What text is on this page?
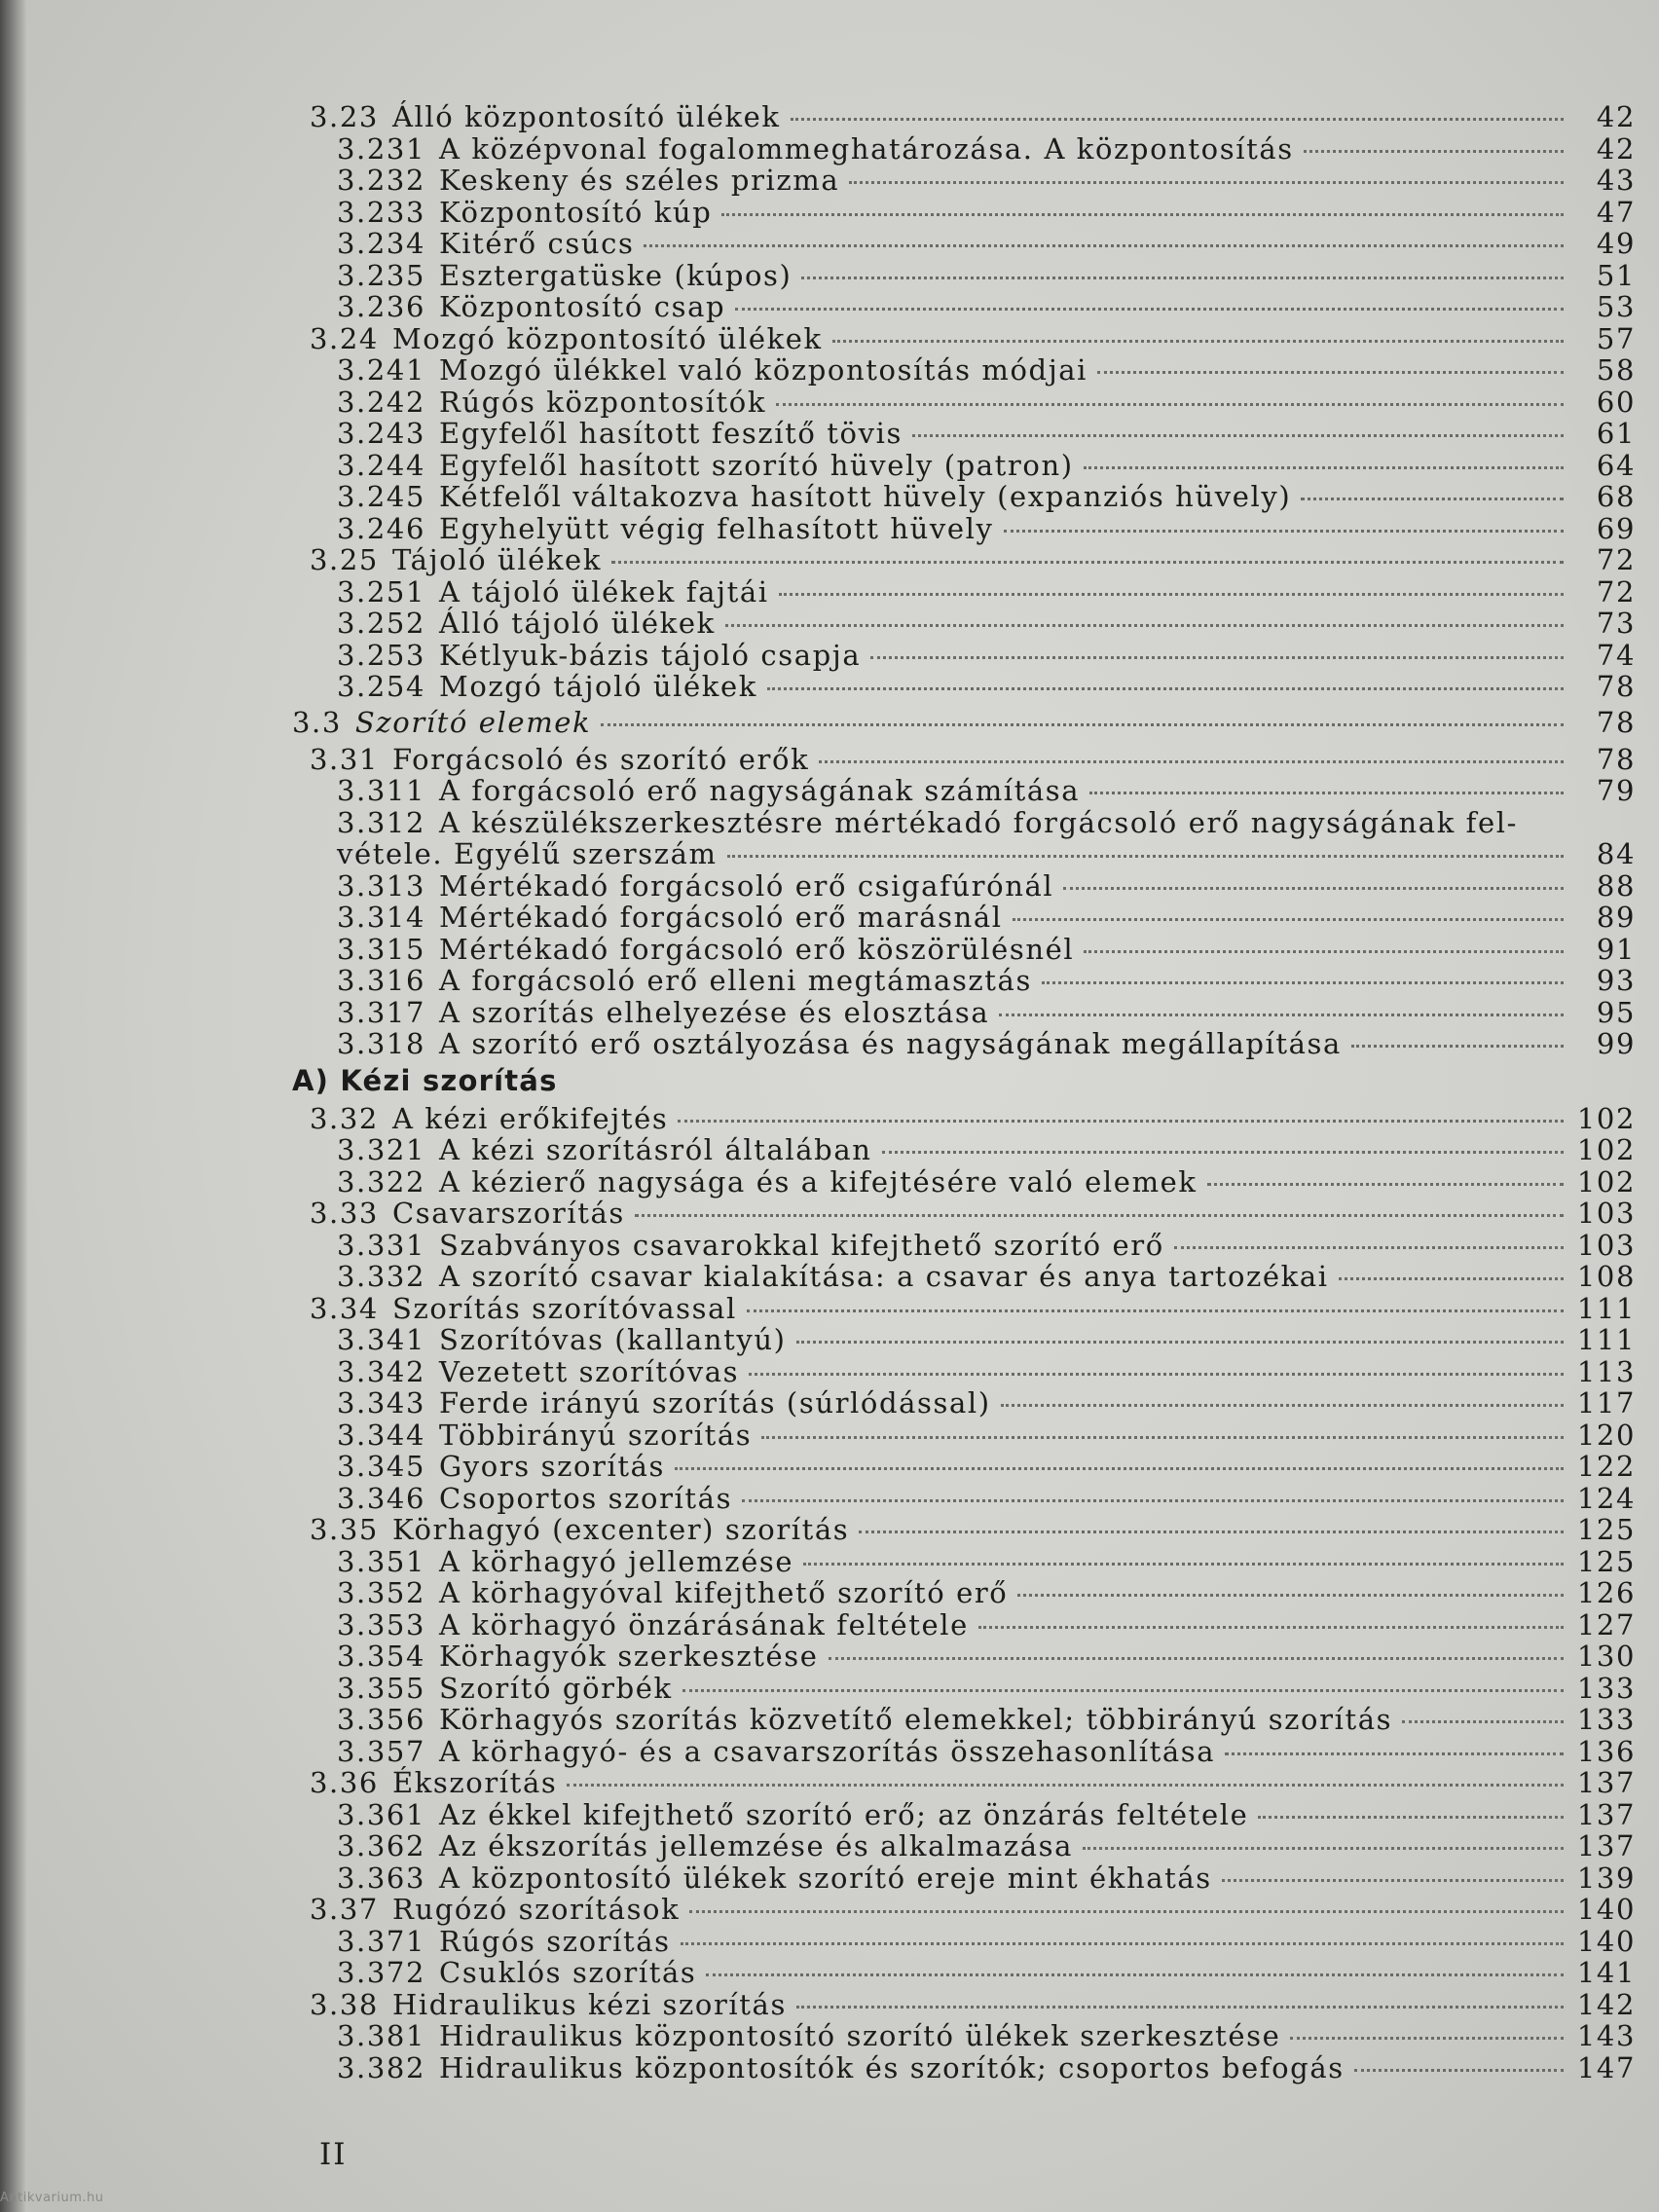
3.23 Álló központosító ülékek	42
3.231 A középvonal fogalommeghatározása. A központosítás	42
3.232 Keskeny és széles prizma	43
3.233 Központosító kúp	47
3.234 Kitérő csúcs	49
3.235 Esztergatüske (kúpos)	51
3.236 Központosító csap	53
3.24 Mozgó központosító ülékek	57
3.241 Mozgó ülékkel való központosítás módjai	58
3.242 Rúgós központosítók	60
3.243 Egyfelől hasított feszítő tövis	61
3.244 Egyfelől hasított szorító hüvely (patron)	64
3.245 Kétfelől váltakozva hasított hüvely (expanziós hüvely)	68
3.246 Egyhelyütt végig felhasított hüvely	69
3.25 Tájoló ülékek	72
3.251 A tájoló ülékek fajtái	72
3.252 Álló tájoló ülékek	73
3.253 Kétlyuk-bázis tájoló csapja	74
3.254 Mozgó tájoló ülékek	78
3.3 Szorító elemek	78
3.31 Forgácsoló és szorító erők	78
3.311 A forgácsoló erő nagyságának számítása	79
3.312 A készülékszerkesztésre mértékadó forgácsoló erő nagyságának fel-
vétele. Egyélű szerszám	84
3.313 Mértékadó forgácsoló erő csigafúrónál	88
3.314 Mértékadó forgácsoló erő marásnál	89
3.315 Mértékadó forgácsoló erő köszörülésnél	91
3.316 A forgácsoló erő elleni megtámasztás	93
3.317 A szorítás elhelyezése és elosztása	95
3.318 A szorító erő osztályozása és nagyságának megállapítása	99
A) Kézi szorítás
3.32 A kézi erőkifejtés	102
3.321 A kézi szorításról általában	102
3.322 A kézierő nagysága és a kifejtésére való elemek	102
3.33 Csavarszorítás	103
3.331 Szabványos csavarokkal kifejthető szorító erő	103
3.332 A szorító csavar kialakítása: a csavar és anya tartozékai	108
3.34 Szorítás szorítóvassal	111
3.341 Szorítóvas (kallantyú)	111
3.342 Vezetett szorítóvas	113
3.343 Ferde irányú szorítás (súrlódással)	117
3.344 Többirányú szorítás	120
3.345 Gyors szorítás	122
3.346 Csoportos szorítás	124
3.35 Körhagyó (excenter) szorítás	125
3.351 A körhagyó jellemzése	125
3.352 A körhagyóval kifejthető szorító erő	126
3.353 A körhagyó önzárásának feltétele	127
3.354 Körhagyók szerkesztése	130
3.355 Szorító görbék	133
3.356 Körhagyós szorítás közvetítő elemekkel; többirányú szorítás	133
3.357 A körhagyó- és a csavarszorítás összehasonlítása	136
3.36 Ékszorítás	137
3.361 Az ékkel kifejthető szorító erő; az önzárás feltétele	137
3.362 Az ékszorítás jellemzése és alkalmazása	137
3.363 A központosító ülékek szorító ereje mint ékhatás	139
3.37 Rugózó szorítások	140
3.371 Rúgós szorítás	140
3.372 Csuklós szorítás	141
3.38 Hidraulikus kézi szorítás	142
3.381 Hidraulikus központosító szorító ülékek szerkesztése	143
3.382 Hidraulikus központosítók és szorítók; csoportos befogás	147
II
Antikvarium.hu
